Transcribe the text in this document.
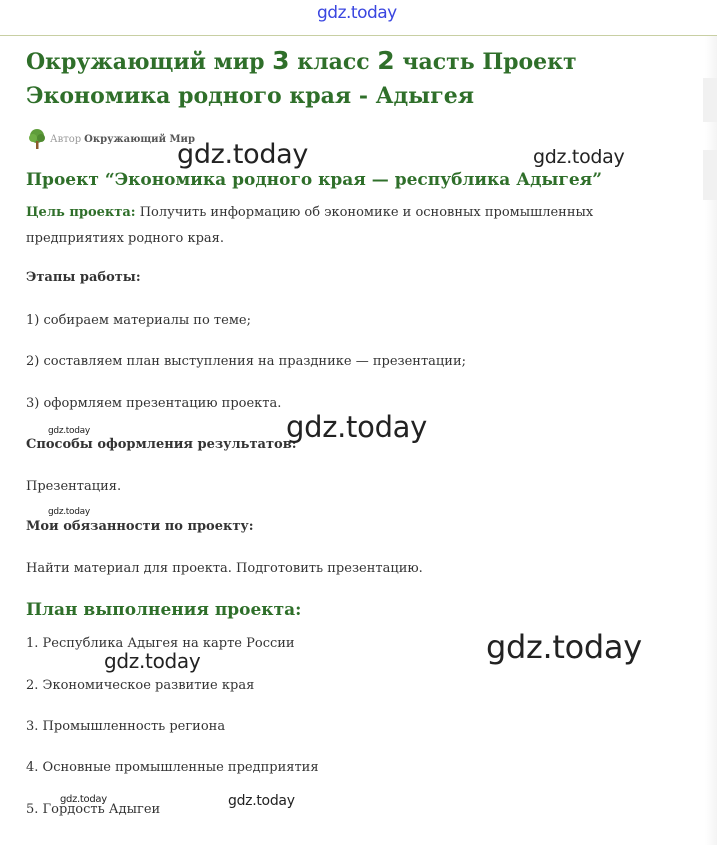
gdz.today
Окружающий мир 3 класс 2 часть Проект Экономика родного края - Адыгея
Автор Окружающий Мир
Проект “Экономика родного края — республика Адыгея”

Цель проекта: Получить информацию об экономике и основных промышленных предприятиях родного края.

Этапы работы:

1) собираем материалы по теме;

2) составляем план выступления на празднике — презентации;

3) оформляем презентацию проекта.

Способы оформления результатов:

Презентация.

Мои обязанности по проекту:

Найти материал для проекта. Подготовить презентацию.

План выполнения проекта:

1. Республика Адыгея на карте России

2. Экономическое развитие края

3. Промышленность региона

4. Основные промышленные предприятия

5. Гордость Адыгеи

gdz.today	gdz.today
gdz.today
gdz.today
gdz.today
gdz.today
gdz.today
gdz.today	gdz.today
